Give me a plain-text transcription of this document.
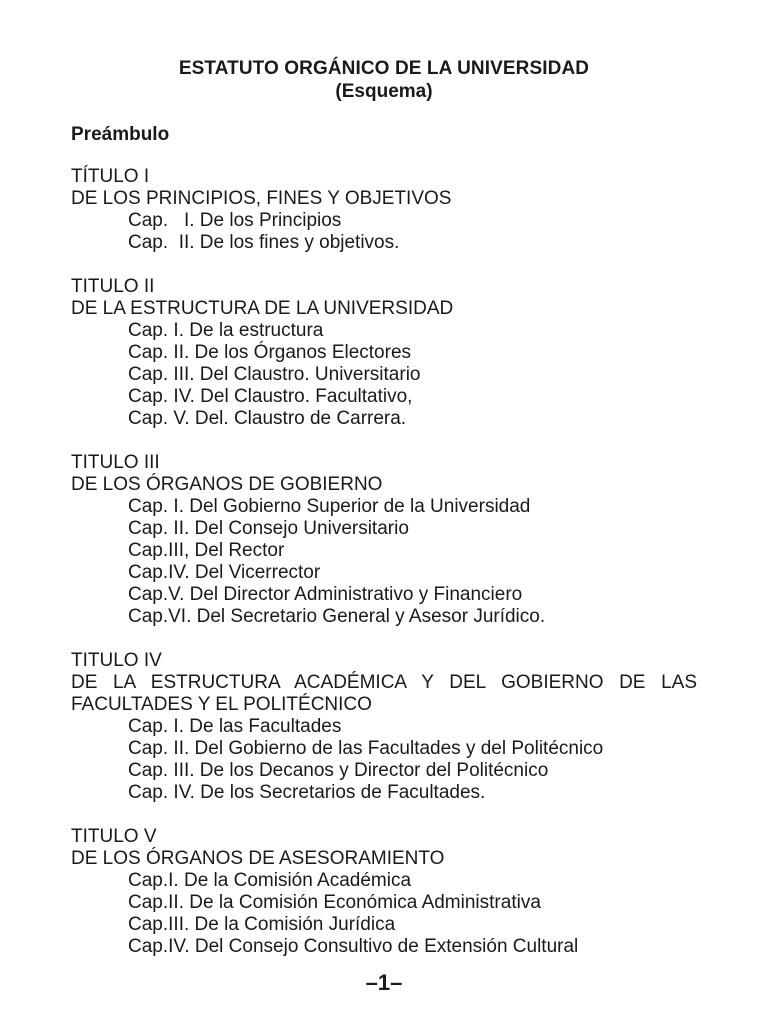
ESTATUTO ORGÁNICO DE LA UNIVERSIDAD
(Esquema)
Preámbulo
TÍTULO I
DE LOS PRINCIPIOS, FINES Y OBJETIVOS
Cap.   I. De los Principios
Cap.  II. De los fines y objetivos.
TITULO II
DE LA ESTRUCTURA DE LA UNIVERSIDAD
Cap. I. De la estructura
Cap. II. De los Órganos Electores
Cap. III. Del Claustro. Universitario
Cap. IV. Del Claustro. Facultativo,
Cap. V. Del. Claustro de Carrera.
TITULO III
DE LOS ÓRGANOS DE GOBIERNO
Cap. I. Del Gobierno Superior de la Universidad
Cap. II. Del Consejo Universitario
Cap.III, Del Rector
Cap.IV. Del Vicerrector
Cap.V. Del Director Administrativo y Financiero
Cap.VI. Del Secretario General y Asesor Jurídico.
TITULO IV
DE LA ESTRUCTURA ACADÉMICA Y DEL GOBIERNO DE LAS FACULTADES Y EL POLITÉCNICO
Cap. I. De las Facultades
Cap. II. Del Gobierno de las Facultades y del Politécnico
Cap. III. De los Decanos y Director del Politécnico
Cap. IV. De los Secretarios de Facultades.
TITULO V
DE LOS ÓRGANOS DE ASESORAMIENTO
Cap.I. De la Comisión Académica
Cap.II. De la Comisión Económica Administrativa
Cap.III. De la Comisión Jurídica
Cap.IV. Del Consejo Consultivo de Extensión Cultural
–1–
